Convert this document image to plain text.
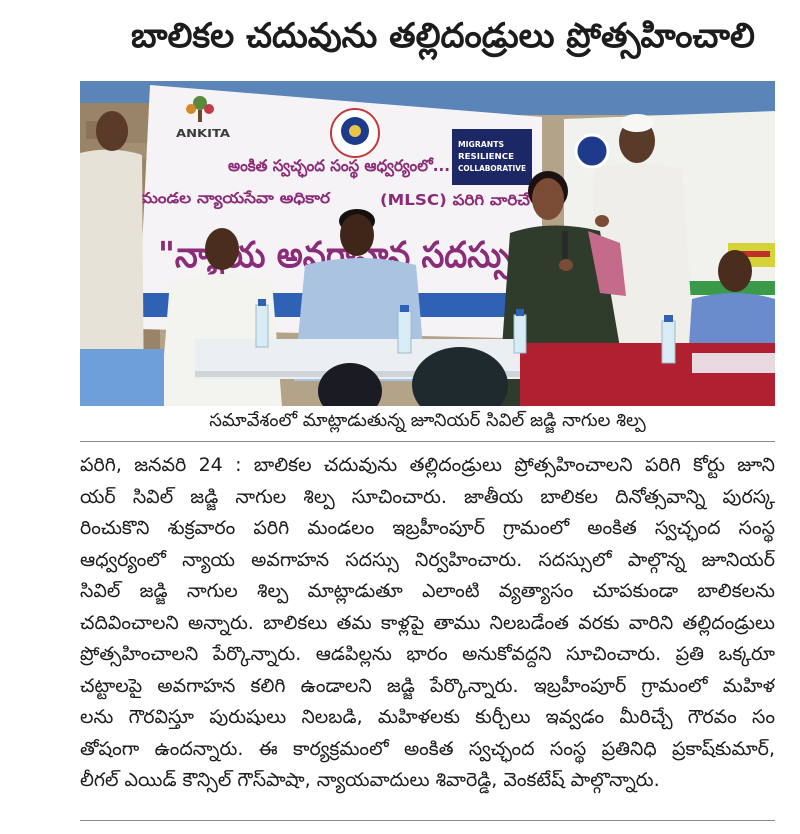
బాలికల చదువును తల్లిదండ్రులు ప్రోత్సహించాలి
ANKITA
MIGRANTS
RESILIENCE
COLLABORATIVE
అంకిత స్వచ్ఛంద సంస్థ ఆధ్వర్యంలో...
మండల న్యాయసేవా అధికార	(MLSC) పరిగి వారిచే
"న్యాయ అవగాహన సదస్సు"
సమావేశంలో మాట్లాడుతున్న జూనియర్ సివిల్ జడ్జి నాగుల శిల్ప
పరిగి, జనవరి 24 : బాలికల చదువును తల్లిదండ్రులు ప్రోత్సహించాలని పరిగి కోర్టు జూని
యర్ సివిల్ జడ్జి నాగుల శిల్ప సూచించారు. జాతీయ బాలికల దినోత్సవాన్ని పురస్క
రించుకొని శుక్రవారం పరిగి మండలం ఇబ్రహీంపూర్ గ్రామంలో అంకిత స్వచ్ఛంద సంస్థ
ఆధ్వర్యంలో న్యాయ అవగాహన సదస్సు నిర్వహించారు. సదస్సులో పాల్గొన్న జూనియర్
సివిల్ జడ్జి నాగుల శిల్ప మాట్లాడుతూ ఎలాంటి వ్యత్యాసం చూపకుండా బాలికలను
చదివించాలని అన్నారు. బాలికలు తమ కాళ్లపై తాము నిలబడేంత వరకు వారిని తల్లిదండ్రులు
ప్రోత్సహించాలని పేర్కొన్నారు. ఆడపిల్లను భారం అనుకోవద్దని సూచించారు. ప్రతి ఒక్కరూ
చట్టాలపై అవగాహన కలిగి ఉండాలని జడ్జి పేర్కొన్నారు. ఇబ్రహీంపూర్ గ్రామంలో మహిళ
లను గౌరవిస్తూ పురుషులు నిలబడి, మహిళలకు కుర్చీలు ఇవ్వడం మీరిచ్చే గౌరవం సం
తోషంగా ఉందన్నారు. ఈ కార్యక్రమంలో అంకిత స్వచ్ఛంద సంస్థ ప్రతినిధి ప్రకాష్‌కుమార్,
లీగల్ ఎయిడ్ కౌన్సిల్ గౌస్‌పాషా, న్యాయవాదులు శివారెడ్డి, వెంకటేష్ పాల్గొన్నారు.
